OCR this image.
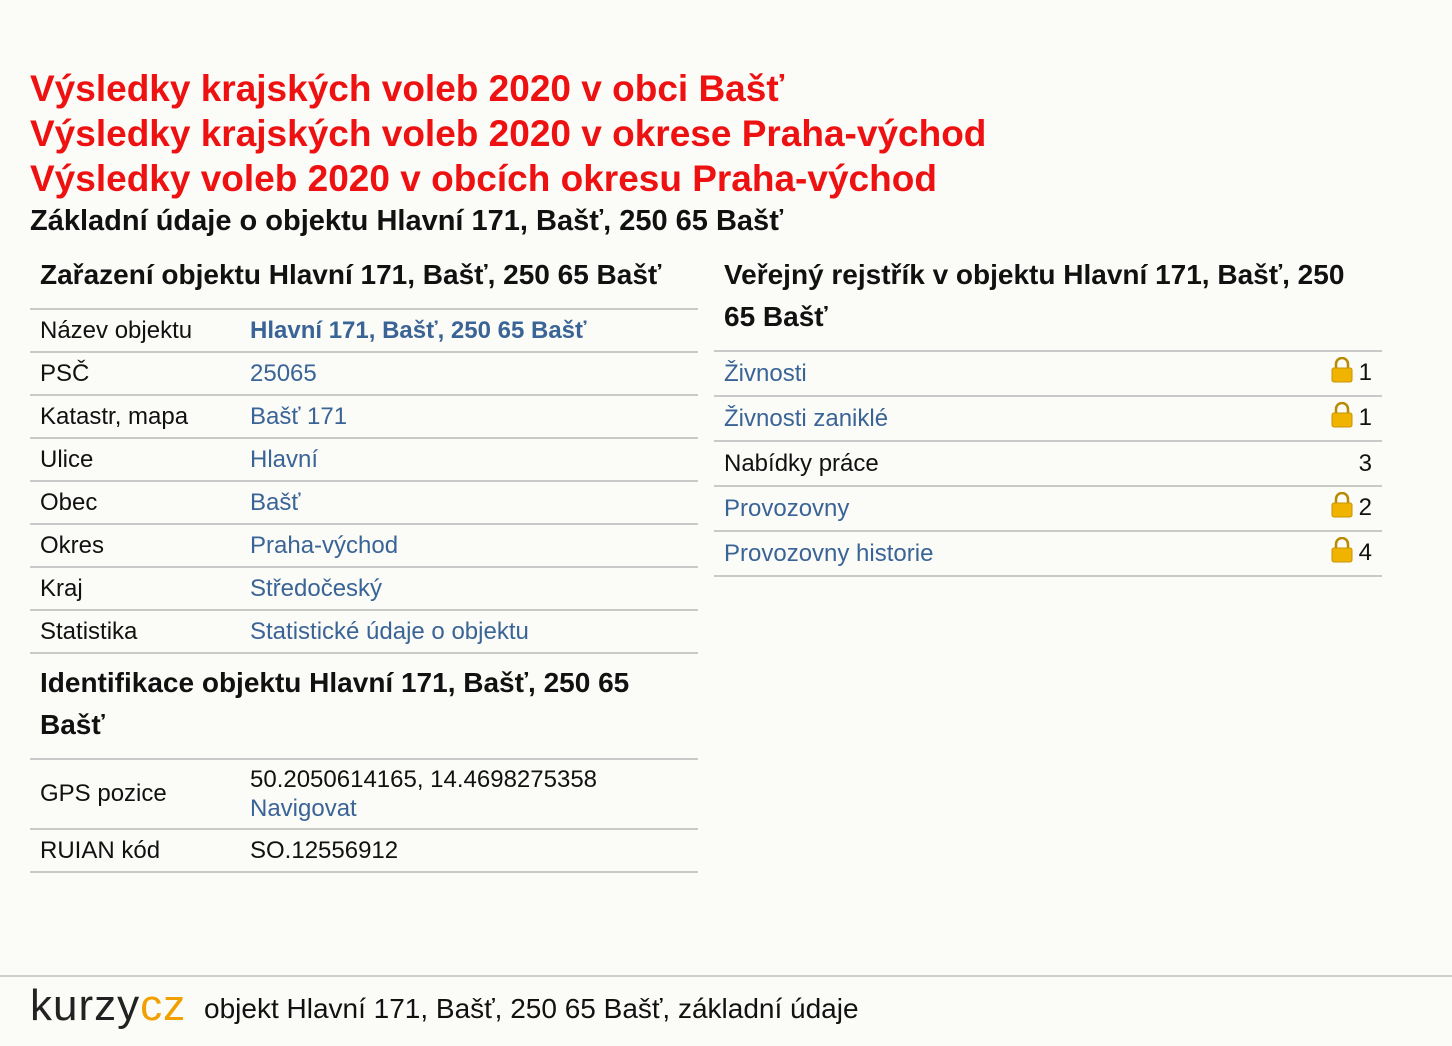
Výsledky krajských voleb 2020 v obci Bašť
Výsledky krajských voleb 2020 v okrese Praha-východ
Výsledky voleb 2020 v obcích okresu Praha-východ
Základní údaje o objektu Hlavní 171, Bašť, 250 65 Bašť
Zařazení objektu Hlavní 171, Bašť, 250 65 Bašť
Název objektu	Hlavní 171, Bašť, 250 65 Bašť
PSČ	25065
Katastr, mapa	Bašť 171
Ulice	Hlavní
Obec	Bašť
Okres	Praha-východ
Kraj	Středočeský
Statistika	Statistické údaje o objektu
Identifikace objektu Hlavní 171, Bašť, 250 65 Bašť
GPS pozice	50.2050614165, 14.4698275358
Navigovat
RUIAN kód	SO.12556912
Veřejný rejstřík v objektu Hlavní 171, Bašť, 250 65 Bašť
Živnosti	1
Živnosti zaniklé	1
Nabídky práce	3
Provozovny	2
Provozovny historie	4
kurzycz objekt Hlavní 171, Bašť, 250 65 Bašť, základní údaje
